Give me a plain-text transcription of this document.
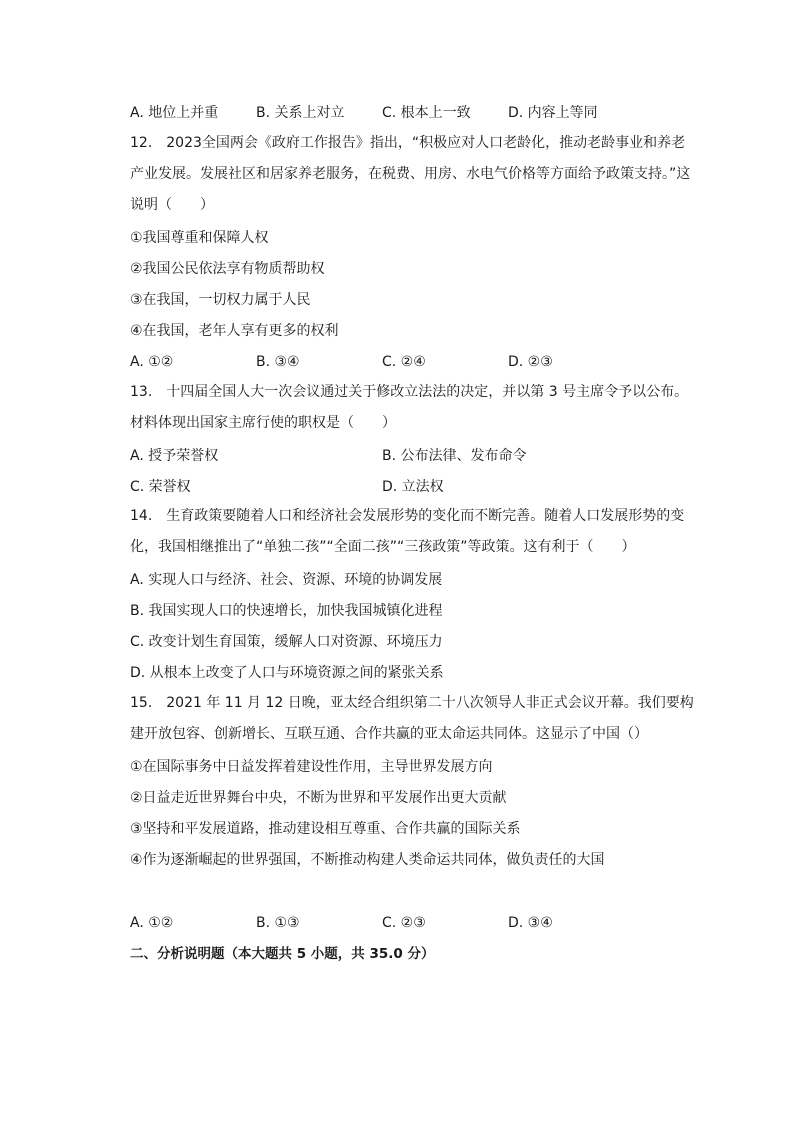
A. 地位上并重	B. 关系上对立	C. 根本上一致	D. 内容上等同
12.　2023全国两会《政府工作报告》指出，“积极应对人口老龄化，推动老龄事业和养老产业发展。发展社区和居家养老服务，在税费、用房、水电气价格等方面给予政策支持。”这说明（　　）
①我国尊重和保障人权
②我国公民依法享有物质帮助权
③在我国，一切权力属于人民
④在我国，老年人享有更多的权利
A. ①②	B. ③④	C. ②④	D. ②③
13.　十四届全国人大一次会议通过关于修改立法法的决定，并以第 3 号主席令予以公布。材料体现出国家主席行使的职权是（　　）
A. 授予荣誉权	B. 公布法律、发布命令
C. 荣誉权	D. 立法权
14.　生育政策要随着人口和经济社会发展形势的变化而不断完善。随着人口发展形势的变化，我国相继推出了“单独二孩”“全面二孩”“三孩政策”等政策。这有利于（　　）
A. 实现人口与经济、社会、资源、环境的协调发展
B. 我国实现人口的快速增长，加快我国城镇化进程
C. 改变计划生育国策，缓解人口对资源、环境压力
D. 从根本上改变了人口与环境资源之间的紧张关系
15.　2021 年 11 月 12 日晚，亚太经合组织第二十八次领导人非正式会议开幕。我们要构建开放包容、创新增长、互联互通、合作共赢的亚太命运共同体。这显示了中国（）
①在国际事务中日益发挥着建设性作用，主导世界发展方向
②日益走近世界舞台中央，不断为世界和平发展作出更大贡献
③坚持和平发展道路，推动建设相互尊重、合作共赢的国际关系
④作为逐渐崛起的世界强国，不断推动构建人类命运共同体，做负责任的大国
A. ①②	B. ①③	C. ②③	D. ③④
二、分析说明题（本大题共 5 小题，共 35.0 分）
